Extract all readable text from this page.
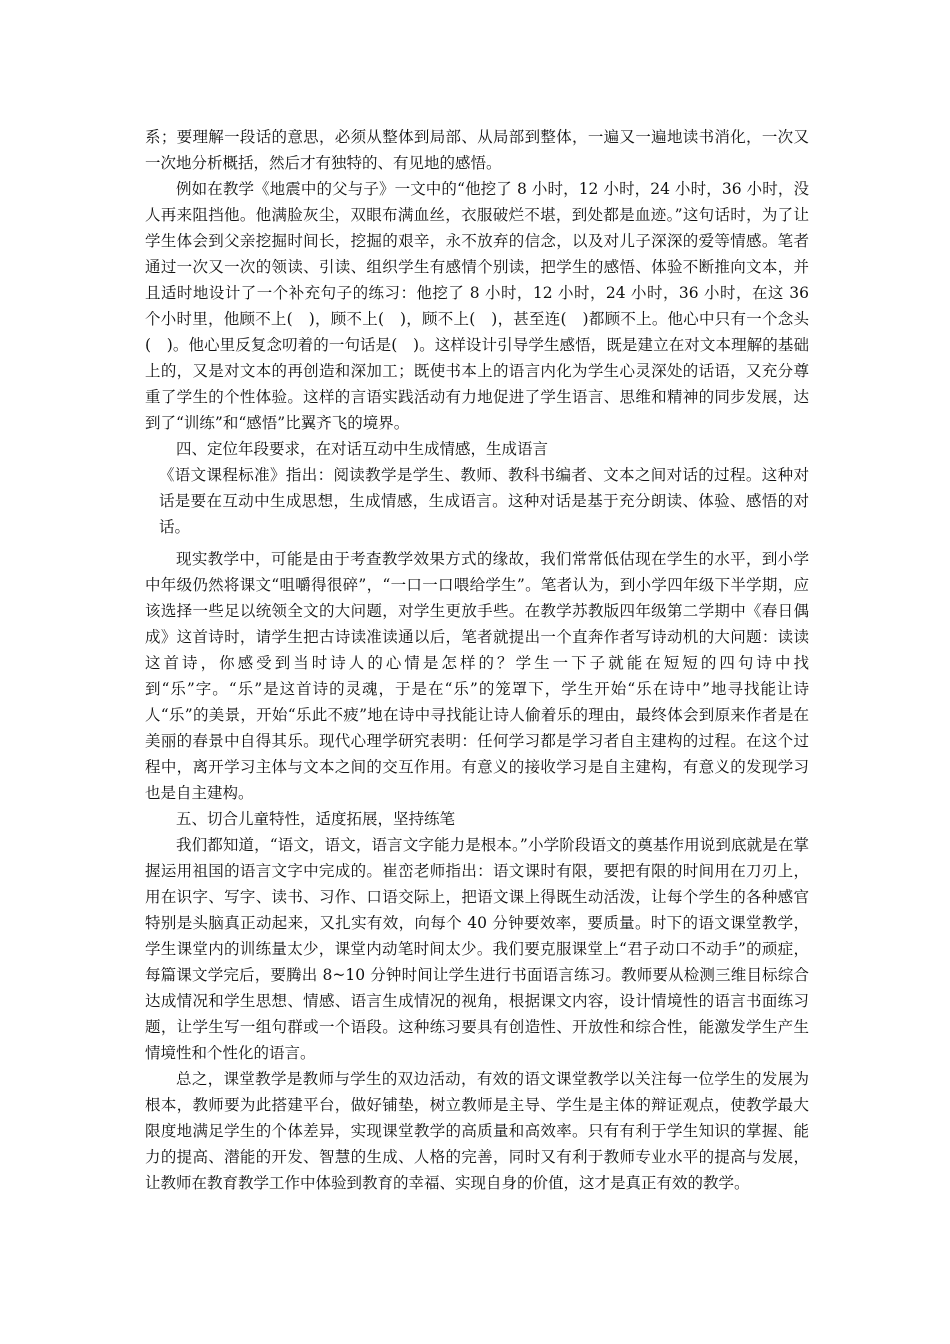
系；要理解一段话的意思，必须从整体到局部、从局部到整体，一遍又一遍地读书消化，一次又一次地分析概括，然后才有独特的、有见地的感悟。

例如在教学《地震中的父与子》一文中的“他挖了 8 小时，12 小时，24 小时，36 小时，没人再来阻挡他。他满脸灰尘，双眼布满血丝，衣服破烂不堪，到处都是血迹。”这句话时，为了让学生体会到父亲挖掘时间长，挖掘的艰辛，永不放弃的信念，以及对儿子深深的爱等情感。笔者通过一次又一次的领读、引读、组织学生有感情个别读，把学生的感悟、体验不断推向文本，并且适时地设计了一个补充句子的练习：他挖了 8 小时，12 小时，24 小时，36 小时，在这 36 个小时里，他顾不上(　)，顾不上(　)，顾不上(　)，甚至连(　)都顾不上。他心中只有一个念头(　)。他心里反复念叨着的一句话是(　)。这样设计引导学生感悟，既是建立在对文本理解的基础上的，又是对文本的再创造和深加工；既使书本上的语言内化为学生心灵深处的话语，又充分尊重了学生的个性体验。这样的言语实践活动有力地促进了学生语言、思维和精神的同步发展，达到了“训练”和“感悟”比翼齐飞的境界。

四、定位年段要求，在对话互动中生成情感，生成语言

《语文课程标准》指出：阅读教学是学生、教师、教科书编者、文本之间对话的过程。这种对话是要在互动中生成思想，生成情感，生成语言。这种对话是基于充分朗读、体验、感悟的对话。

现实教学中，可能是由于考查教学效果方式的缘故，我们常常低估现在学生的水平，到小学中年级仍然将课文“咀嚼得很碎”，“一口一口喂给学生”。笔者认为，到小学四年级下半学期，应该选择一些足以统领全文的大问题，对学生更放手些。在教学苏教版四年级第二学期中《春日偶成》这首诗时，请学生把古诗读准读通以后，笔者就提出一个直奔作者写诗动机的大问题：读读这首诗，你感受到当时诗人的心情是怎样的？学生一下子就能在短短的四句诗中找到“乐”字。“乐”是这首诗的灵魂，于是在“乐”的笼罩下，学生开始“乐在诗中”地寻找能让诗人“乐”的美景，开始“乐此不疲”地在诗中寻找能让诗人偷着乐的理由，最终体会到原来作者是在美丽的春景中自得其乐。现代心理学研究表明：任何学习都是学习者自主建构的过程。在这个过程中，离开学习主体与文本之间的交互作用。有意义的接收学习是自主建构，有意义的发现学习也是自主建构。

五、切合儿童特性，适度拓展，坚持练笔

我们都知道，“语文，语文，语言文字能力是根本。”小学阶段语文的奠基作用说到底就是在掌握运用祖国的语言文字中完成的。崔峦老师指出：语文课时有限，要把有限的时间用在刀刃上，用在识字、写字、读书、习作、口语交际上，把语文课上得既生动活泼，让每个学生的各种感官特别是头脑真正动起来，又扎实有效，向每个 40 分钟要效率，要质量。时下的语文课堂教学，学生课堂内的训练量太少，课堂内动笔时间太少。我们要克服课堂上“君子动口不动手”的顽症，每篇课文学完后，要腾出 8~10 分钟时间让学生进行书面语言练习。教师要从检测三维目标综合达成情况和学生思想、情感、语言生成情况的视角，根据课文内容，设计情境性的语言书面练习题，让学生写一组句群或一个语段。这种练习要具有创造性、开放性和综合性，能激发学生产生情境性和个性化的语言。

总之，课堂教学是教师与学生的双边活动，有效的语文课堂教学以关注每一位学生的发展为根本，教师要为此搭建平台，做好铺垫，树立教师是主导、学生是主体的辩证观点，使教学最大限度地满足学生的个体差异，实现课堂教学的高质量和高效率。只有有利于学生知识的掌握、能力的提高、潜能的开发、智慧的生成、人格的完善，同时又有利于教师专业水平的提高与发展，让教师在教育教学工作中体验到教育的幸福、实现自身的价值，这才是真正有效的教学。
